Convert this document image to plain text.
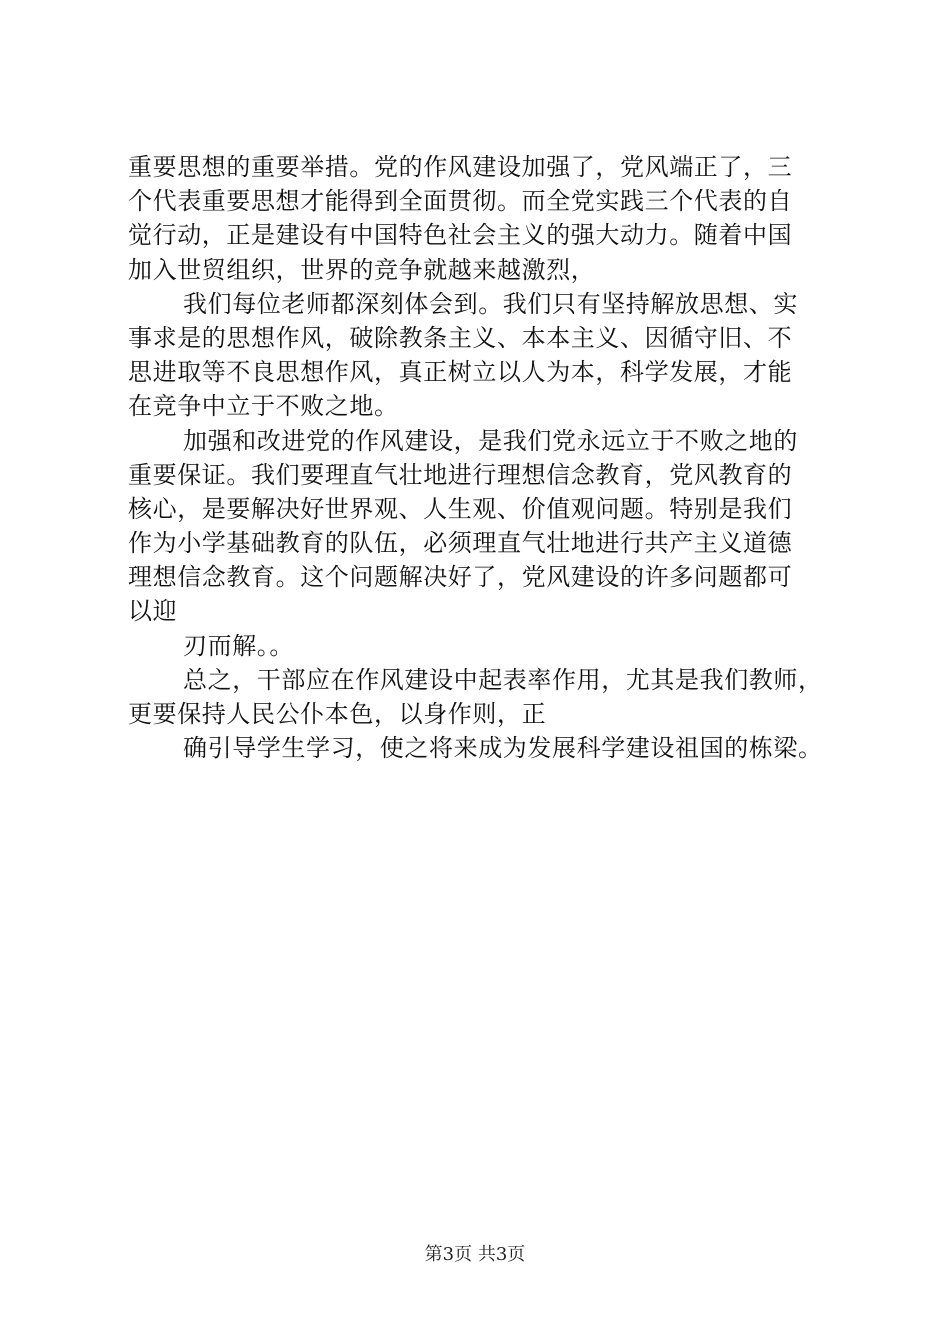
重要思想的重要举措。党的作风建设加强了，党风端正了，三
个代表重要思想才能得到全面贯彻。而全党实践三个代表的自
觉行动，正是建设有中国特色社会主义的强大动力。随着中国
加入世贸组织，世界的竞争就越来越激烈，
我们每位老师都深刻体会到。我们只有坚持解放思想、实
事求是的思想作风，破除教条主义、本本主义、因循守旧、不
思进取等不良思想作风，真正树立以人为本，科学发展，才能
在竞争中立于不败之地。
加强和改进党的作风建设，是我们党永远立于不败之地的
重要保证。我们要理直气壮地进行理想信念教育，党风教育的
核心，是要解决好世界观、人生观、价值观问题。特别是我们
作为小学基础教育的队伍，必须理直气壮地进行共产主义道德
理想信念教育。这个问题解决好了，党风建设的许多问题都可
以迎
刃而解。。
总之，干部应在作风建设中起表率作用，尤其是我们教师，
更要保持人民公仆本色，以身作则，正
确引导学生学习，使之将来成为发展科学建设祖国的栋梁。
第3页 共3页
